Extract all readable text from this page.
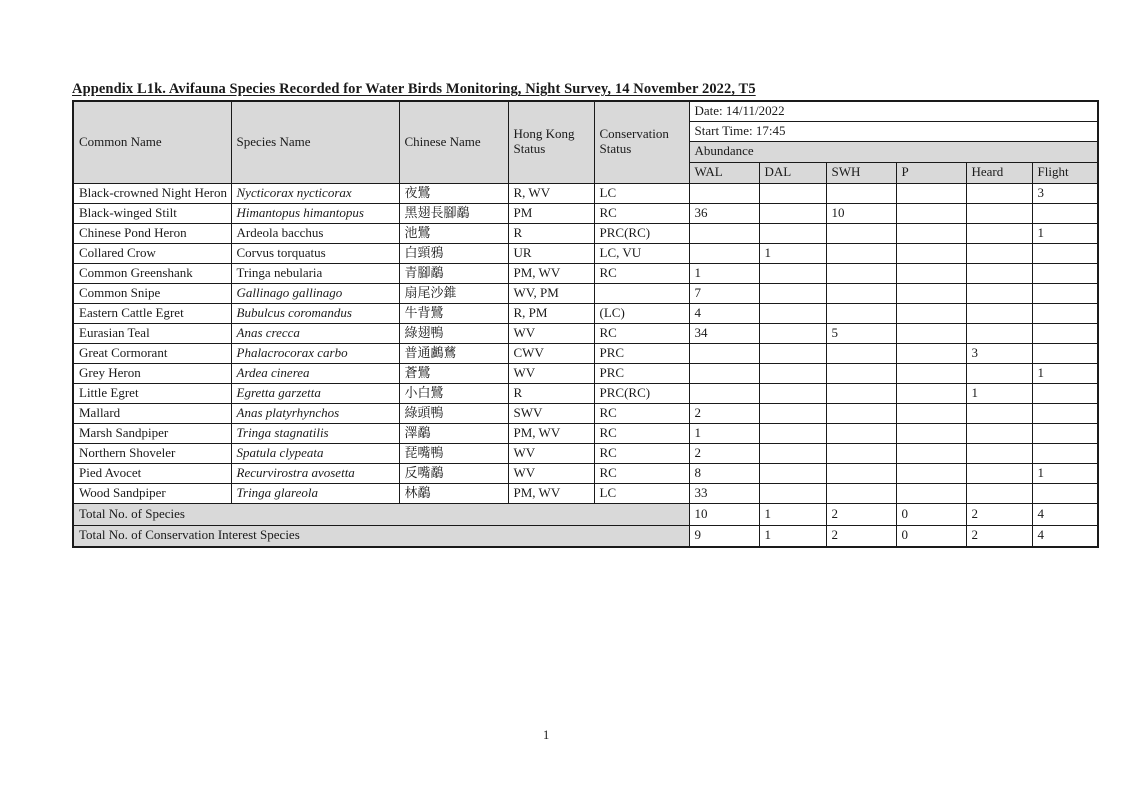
Appendix L1k. Avifauna Species Recorded for Water Birds Monitoring, Night Survey, 14 November 2022, T5
Common Name	Species Name	Chinese Name	Hong Kong Status	Conservation Status	Date: 14/11/2022					
					Start Time: 17:45					
					Abundance					
					WAL	DAL	SWH	P	Heard	Flight
Black-crowned Night Heron	Nycticorax nycticorax	夜鷺	R, WV	LC						3
Black-winged Stilt	Himantopus himantopus	黑翅長腳鷸	PM	RC	36		10			
Chinese Pond Heron	Ardeola bacchus	池鷺	R	PRC(RC)						1
Collared Crow	Corvus torquatus	白頸鴉	UR	LC, VU		1				
Common Greenshank	Tringa nebularia	青腳鷸	PM, WV	RC	1					
Common Snipe	Gallinago gallinago	扇尾沙錐	WV, PM		7					
Eastern Cattle Egret	Bubulcus coromandus	牛背鷺	R, PM	(LC)	4					
Eurasian Teal	Anas crecca	綠翅鴨	WV	RC	34		5			
Great Cormorant	Phalacrocorax carbo	普通鸕鶿	CWV	PRC					3	
Grey Heron	Ardea cinerea	蒼鷺	WV	PRC						1
Little Egret	Egretta garzetta	小白鷺	R	PRC(RC)					1	
Mallard	Anas platyrhynchos	綠頭鴨	SWV	RC	2					
Marsh Sandpiper	Tringa stagnatilis	澤鷸	PM, WV	RC	1					
Northern Shoveler	Spatula clypeata	琵嘴鴨	WV	RC	2					
Pied Avocet	Recurvirostra avosetta	反嘴鷸	WV	RC	8					1
Wood Sandpiper	Tringa glareola	林鷸	PM, WV	LC	33					
Total No. of Species					10	1	2	0	2	4
Total No. of Conservation Interest Species					9	1	2	0	2	4
1
